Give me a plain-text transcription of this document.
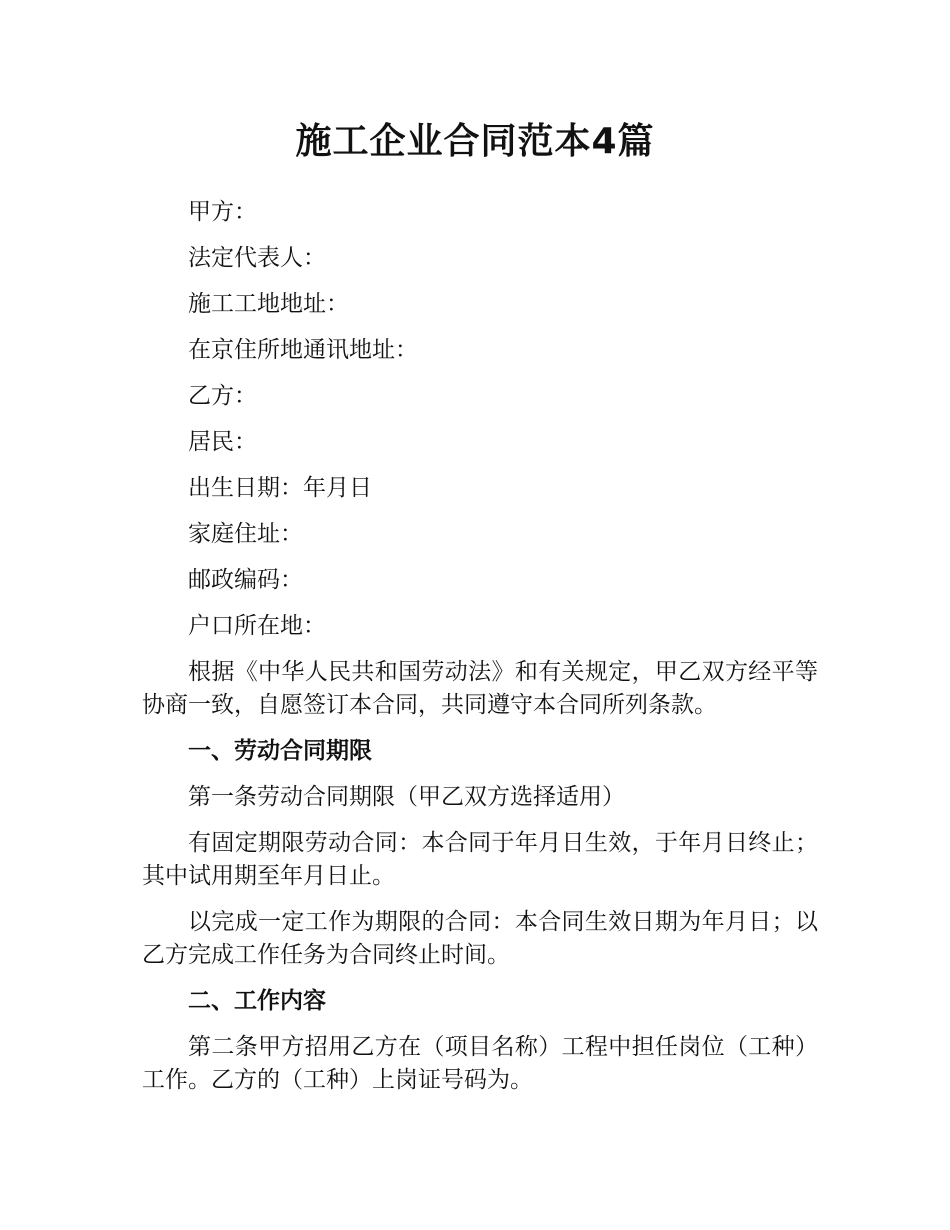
施工企业合同范本4篇

甲方：

法定代表人：

施工工地地址：

在京住所地通讯地址：

乙方：

居民：

出生日期：年月日

家庭住址：

邮政编码：

户口所在地：

根据《中华人民共和国劳动法》和有关规定，甲乙双方经平等协商一致，自愿签订本合同，共同遵守本合同所列条款。

一、劳动合同期限

第一条劳动合同期限（甲乙双方选择适用）

有固定期限劳动合同：本合同于年月日生效，于年月日终止；其中试用期至年月日止。

以完成一定工作为期限的合同：本合同生效日期为年月日；以乙方完成工作任务为合同终止时间。

二、工作内容

第二条甲方招用乙方在（项目名称）工程中担任岗位（工种）工作。乙方的（工种）上岗证号码为。
